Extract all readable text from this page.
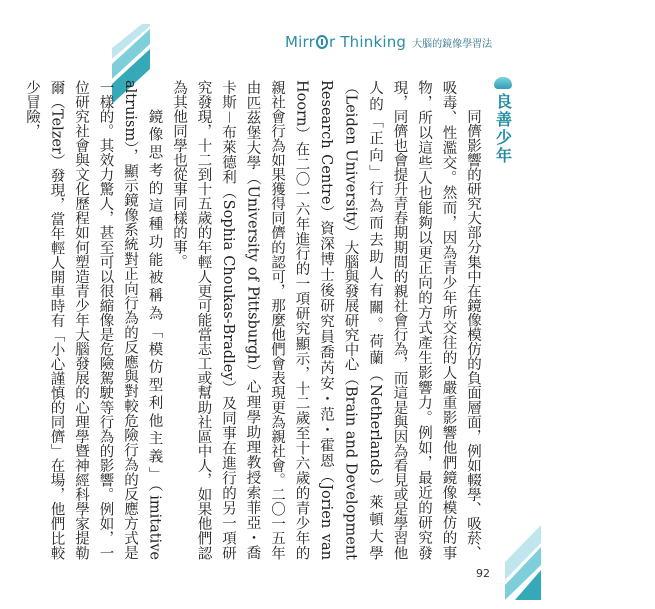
Mirr r Thinking 大腦的鏡像學習法
良善少年

同儕影響的研究大部分集中在鏡像模仿的負面層面，例如輟學、吸菸、吸毒、性濫交。然而，因為青少年所交往的人嚴重影響他們鏡像模仿的事物，所以這些人也能夠以更正向的方式產生影響力。例如，最近的研究發現，同儕也會提升青春期期間的親社會行為，而這是與因為看見或是學習他人的「正向」行為而去助人有關。荷蘭（Netherlands）萊頓大學（Leiden University）大腦與發展研究中心（Brain and Development Research Centre）資深博士後研究員喬芮安・范・霍恩（Jorien van Hoorn）在二〇一六年進行的一項研究顯示，十二歲至十六歲的青少年的親社會行為如果獲得同儕的認可，那麼他們會表現更為親社會。二〇一五年由匹茲堡大學（University of Pittsburgh）心理學助理教授索菲亞・喬卡斯－布萊德利（Sophia Choukas-Bradley）及同事在進行的另一項研究發現，十二到十五歲的年輕人更可能當志工或幫助社區中人，如果他們認為其他同學也從事同樣的事。

鏡像思考的這種功能被稱為「模仿型利他主義」（imitative altruism），顯示鏡像系統對正向行為的反應與對較危險行為的反應方式是一樣的。其效力驚人，甚至可以很縮像是危險駕駛等行為的影響。例如，一位研究社會與文化歷程如何塑造青少年大腦發展的心理學暨神經科學家提勒爾（Telzer）發現，當年輕人開車時有「小心謹慎的同儕」在場，他們比較少冒險，

92
